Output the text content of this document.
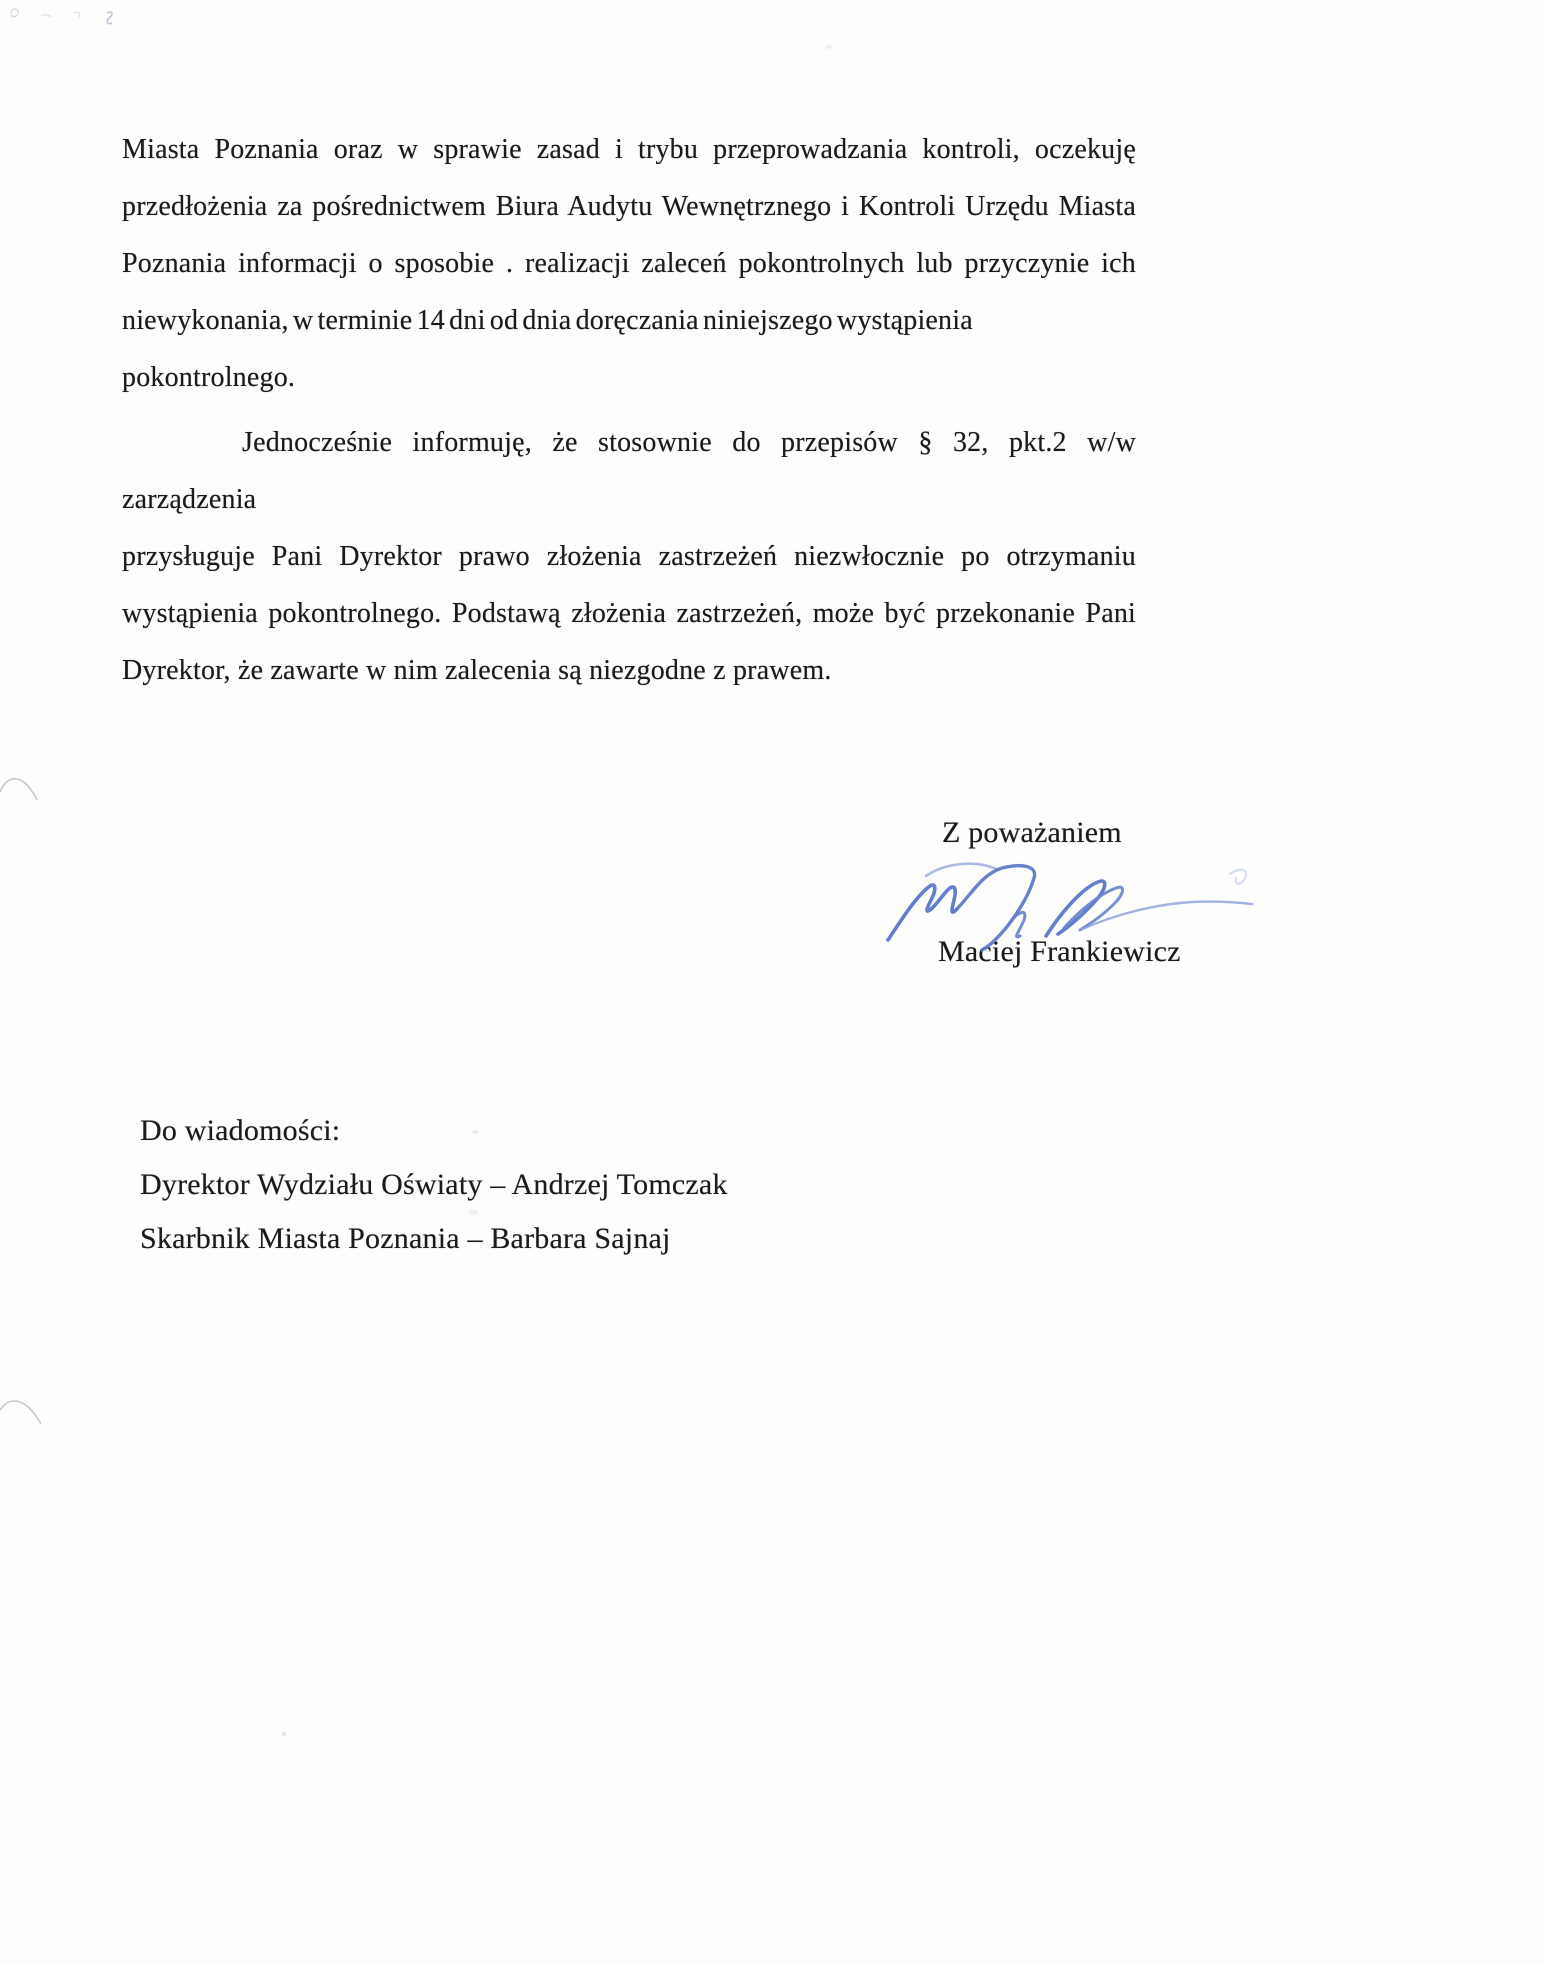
Miasta Poznania oraz w sprawie zasad i trybu przeprowadzania kontroli, oczekuję
przedłożenia za pośrednictwem Biura Audytu Wewnętrznego i Kontroli Urzędu Miasta
Poznania informacji o sposobie . realizacji zaleceń pokontrolnych lub przyczynie ich
niewykonania, w terminie 14 dni od dnia doręczania niniejszego wystąpienia pokontrolnego.
Jednocześnie informuję, że stosownie do przepisów § 32, pkt.2 w/w zarządzenia
przysługuje Pani Dyrektor prawo złożenia zastrzeżeń niezwłocznie po otrzymaniu
wystąpienia pokontrolnego. Podstawą złożenia zastrzeżeń, może być przekonanie Pani
Dyrektor, że zawarte w nim zalecenia są niezgodne z prawem.
Z poważaniem
Maciej Frankiewicz
Do wiadomości:
Dyrektor Wydziału Oświaty – Andrzej Tomczak
Skarbnik Miasta Poznania – Barbara Sajnaj
